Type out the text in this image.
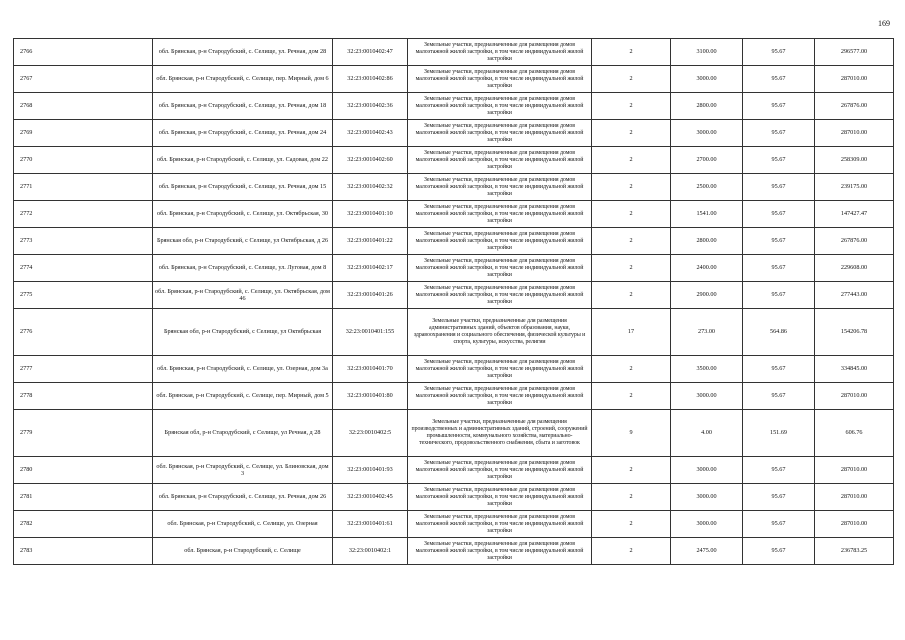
169
2766	обл. Брянская, р-н Стародубский, с. Селище, ул. Речная, дом 28	32:23:0010402:47	Земельные участки, предназначенные для размещения домов малоэтажной жилой застройки, в том числе индивидуальной жилой застройки	2	3100.00	95.67	296577.00
2767	обл. Брянская, р-н Стародубский, с. Селище, пер. Мирный, дом 6	32:23:0010402:86	Земельные участки, предназначенные для размещения домов малоэтажной жилой застройки, в том числе индивидуальной жилой застройки	2	3000.00	95.67	287010.00
2768	обл. Брянская, р-н Стародубский, с. Селище, ул. Речная, дом 18	32:23:0010402:36	Земельные участки, предназначенные для размещения домов малоэтажной жилой застройки, в том числе индивидуальной жилой застройки	2	2800.00	95.67	267876.00
2769	обл. Брянская, р-н Стародубский, с. Селище, ул. Речная, дом 24	32:23:0010402:43	Земельные участки, предназначенные для размещения домов малоэтажной жилой застройки, в том числе индивидуальной жилой застройки	2	3000.00	95.67	287010.00
2770	обл. Брянская, р-н Стародубский, с. Селище, ул. Садовая, дом 22	32:23:0010402:60	Земельные участки, предназначенные для размещения домов малоэтажной жилой застройки, в том числе индивидуальной жилой застройки	2	2700.00	95.67	258309.00
2771	обл. Брянская, р-н Стародубский, с. Селище, ул. Речная, дом 15	32:23:0010402:32	Земельные участки, предназначенные для размещения домов малоэтажной жилой застройки, в том числе индивидуальной жилой застройки	2	2500.00	95.67	239175.00
2772	обл. Брянская, р-н Стародубский, с. Селище, ул. Октябрьская, 30	32:23:0010401:10	Земельные участки, предназначенные для размещения домов малоэтажной жилой застройки, в том числе индивидуальной жилой застройки	2	1541.00	95.67	147427.47
2773	Брянская обл, р-н Стародубский, с Селище, ул Октябрьская, д 26	32:23:0010401:22	Земельные участки, предназначенные для размещения домов малоэтажной жилой застройки, в том числе индивидуальной жилой застройки	2	2800.00	95.67	267876.00
2774	обл. Брянская, р-н Стародубский, с. Селище, ул. Луговая, дом 8	32:23:0010402:17	Земельные участки, предназначенные для размещения домов малоэтажной жилой застройки, в том числе индивидуальной жилой застройки	2	2400.00	95.67	229608.00
2775	обл. Брянская, р-н Стародубский, с. Селище, ул. Октябрьская, дом 46	32:23:0010401:26	Земельные участки, предназначенные для размещения домов малоэтажной жилой застройки, в том числе индивидуальной жилой застройки	2	2900.00	95.67	277443.00
2776	Брянская обл, р-н Стародубский, с Селище, ул Октябрьская	32:23:0010401:155	Земельные участки, предназначенные для размещения административных зданий, объектов образования, науки, здравоохранения и социального обеспечения, физической культуры и спорта, культуры, искусства, религии	17	273.00	564.86	154206.78
2777	обл. Брянская, р-н Стародубский, с. Селище, ул. Озерная, дом 3а	32:23:0010401:70	Земельные участки, предназначенные для размещения домов малоэтажной жилой застройки, в том числе индивидуальной жилой застройки	2	3500.00	95.67	334845.00
2778	обл. Брянская, р-н Стародубский, с. Селище, пер. Мирный, дом 5	32:23:0010401:80	Земельные участки, предназначенные для размещения домов малоэтажной жилой застройки, в том числе индивидуальной жилой застройки	2	3000.00	95.67	287010.00
2779	Брянская обл, р-н Стародубский, с Селище, ул Речная, д 28	32:23:0010402:5	Земельные участки, предназначенные для размещения производственных и административных зданий, строений, сооружений промышленности, коммунального хозяйства, материально-технического, продовольственного снабжения, сбыта и заготовок	9	4.00	151.69	606.76
2780	обл. Брянская, р-н Стародубский, с. Селище, ул. Блиновская, дом 3	32:23:0010401:93	Земельные участки, предназначенные для размещения домов малоэтажной жилой застройки, в том числе индивидуальной жилой застройки	2	3000.00	95.67	287010.00
2781	обл. Брянская, р-н Стародубский, с. Селище, ул. Речная, дом 26	32:23:0010402:45	Земельные участки, предназначенные для размещения домов малоэтажной жилой застройки, в том числе индивидуальной жилой застройки	2	3000.00	95.67	287010.00
2782	обл. Брянская, р-н Стародубский, с. Селище, ул. Озерная	32:23:0010401:61	Земельные участки, предназначенные для размещения домов малоэтажной жилой застройки, в том числе индивидуальной жилой застройки	2	3000.00	95.67	287010.00
2783	обл. Брянская, р-н Стародубский, с. Селище	32:23:0010402:1	Земельные участки, предназначенные для размещения домов малоэтажной жилой застройки, в том числе индивидуальной жилой застройки	2	2475.00	95.67	236783.25
